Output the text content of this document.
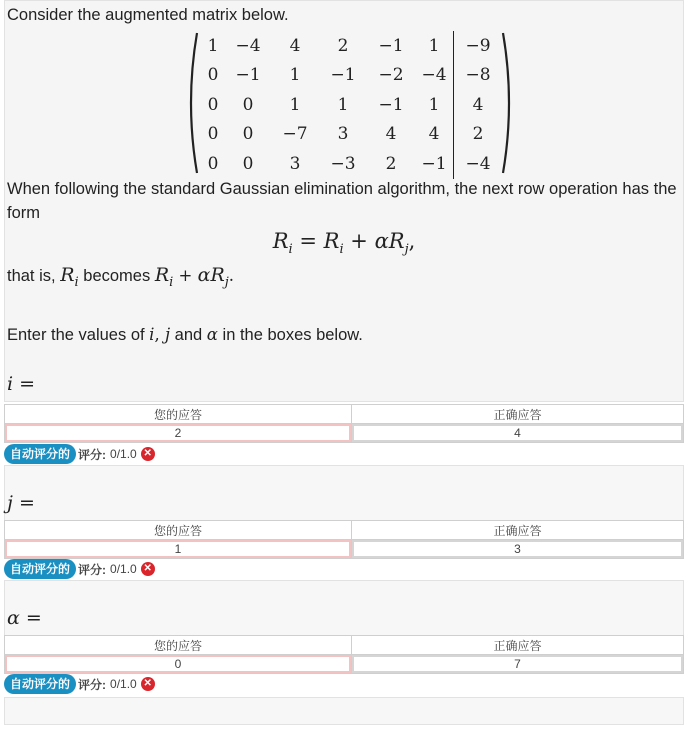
Consider the augmented matrix below.
1	−4	4	2	−1	1	−9
0	−1	1	−1	−2	−4	−8
0	0	1	1	−1	1	4
0	0	−7	3	4	4	2
0	0	3	−3	2	−1	−4
When following the standard Gaussian elimination algorithm, the next row operation has the form
$R_i = R_i + \alpha R_j$,
that is, $R_i$ becomes $R_i + \alpha R_j$.
Enter the values of i, j and α in the boxes below.
i =
您的应答	正确应答
2	4
自动评分的 评分: 0/1.0 ✕
j =
您的应答	正确应答
1	3
自动评分的 评分: 0/1.0 ✕
α =
您的应答	正确应答
0	7
自动评分的 评分: 0/1.0 ✕
